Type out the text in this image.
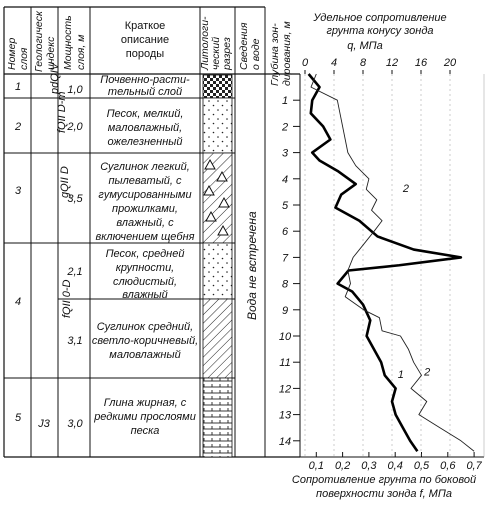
Номер слоя Геологичеcк индекс Мощность слоя, м
Краткое
описание
породы	Литологи- ческий разрез Сведения о воде Глубина зон- дирования, м
1
2
3
4
5
pdQIV
fQII D-m
gQII D
fQII 0-D
J3
1,0
2,0
3,5
2,1
3,1
3,0
Почвенно-расти-
тельный слой
Песок, мелкий,
маловлажный,
ожелезненный
Суглинок легкий,
пылеватый, с
гумусированными
прожилками,
влажный, с
включением щебня
Песок, средней
крупности,
слюдистый,
влажный
Суглинок средний,
светло-коричневый,
маловлажный
Глина жирная, с
редкими прослоями
песка
Вода не встречена
1
2
3
4
5
6
7
8
9
10
11
12
13
14
Удельное сопротивление
грунта конусу зонда
q, МПа
0 4 8 12 16 20
0,1 0,2 0,3 0,4 0,5 0,6 0,7
Сопротивление грунта по боковой
поверхности зонда f, МПа
1 2
2
